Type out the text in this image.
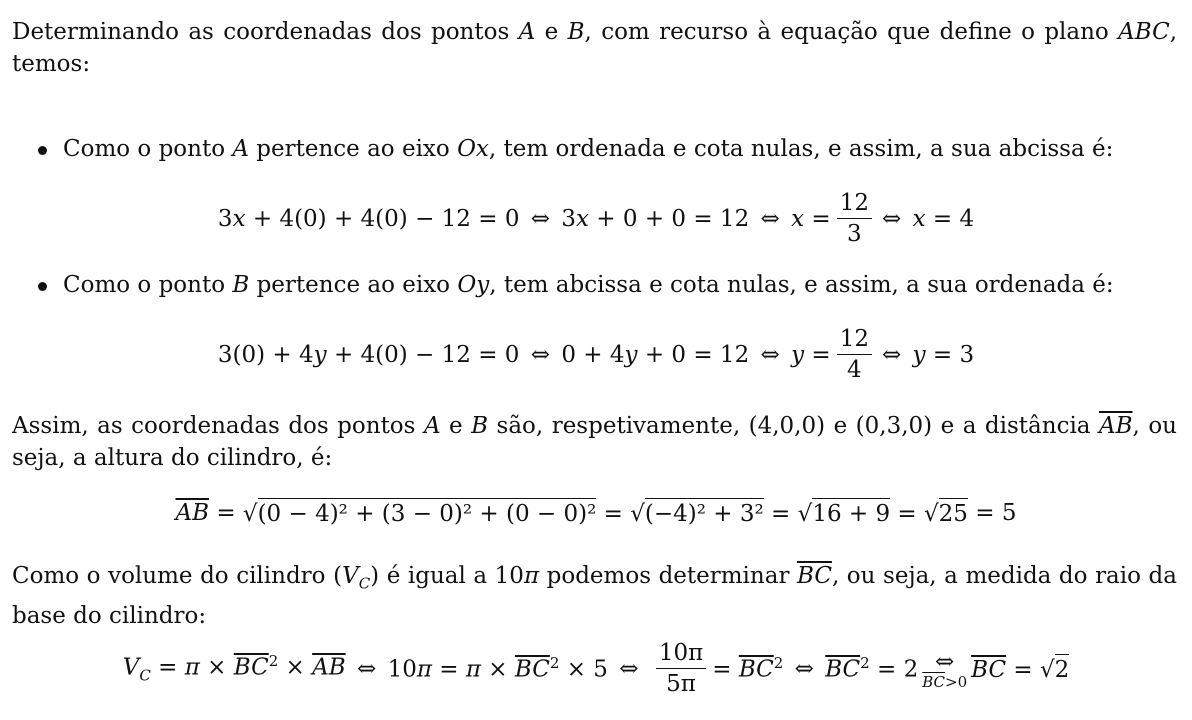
Determinando as coordenadas dos pontos A e B, com recurso à equação que define o plano ABC, temos:
Como o ponto A pertence ao eixo Ox, tem ordenada e cota nulas, e assim, a sua abcissa é:
3x + 4(0) + 4(0) − 12 = 0 ⇔ 3x + 0 + 0 = 12 ⇔ $x = \frac{12}{3}$ ⇔ x = 4
Como o ponto B pertence ao eixo Oy, tem abcissa e cota nulas, e assim, a sua ordenada é:
3(0) + 4y + 4(0) − 12 = 0 ⇔ 0 + 4y + 0 = 12 ⇔ $y = \frac{12}{4}$ ⇔ y = 3
Assim, as coordenadas dos pontos A e B são, respetivamente, (4,0,0) e (0,3,0) e a distância $\overline{AB}$, ou seja, a altura do cilindro, é:
$\overline{AB} = √(0 - 4)^2 + (3 - 0)^2 + (0 - 0)^2 = √(-4)^2 + 3^2 = √16 + 9 = √25 = 5$
Como o volume do cilindro $(V_C)$ é igual a 10π podemos determinar $\overline{BC}$, ou seja, a medida do raio da base do cilindro:
$V_C = \pi \times \overline{BC}^2 \times \overline{AB}$ ⇔ $10\pi = \pi \times \overline{BC}^2 \times 5$ ⇔ $\frac{10\pi}{5\pi} = \overline{BC}^2$ ⇔ $\overline{BC}^2 = 2$ ⇔
$\overline{BC}>0$ $\overline{BC} = √2$
